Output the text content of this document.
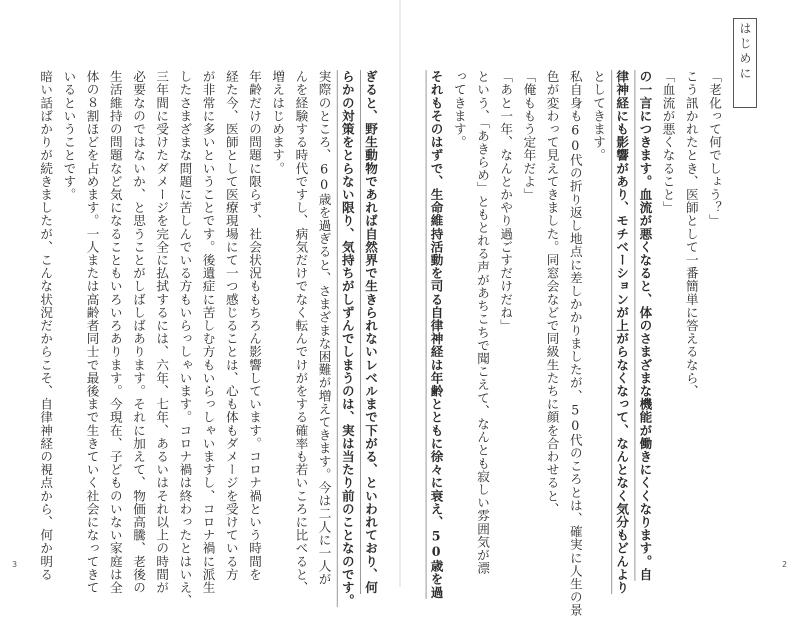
はじめに
3	2
「老化って何でしょう？」
こう訊かれたとき、医師として一番簡単に答えるなら、
「血流が悪くなること」
の一言につきます。血流が悪くなると、体のさまざまな機能が働きにくくなります。自
律神経にも影響があり、モチベーションが上がらなくなって、なんとなく気分もどんより
としてきます。
私自身も60代の折り返し地点に差しかかりましたが、50代のころとは、確実に人生の景
色が変わって見えてきました。同窓会などで同級生たちに顔を合わせると、
「俺ももう定年だよ」
「あと一年、なんとかやり過ごすだけだね」
という、「あきらめ」ともとれる声があちこちで聞こえて、なんとも寂しい雰囲気が漂
ってきます。
それもそのはずで、生命維持活動を司る自律神経は年齢とともに徐々に衰え、50歳を過
ぎると、野生動物であれば自然界で生きられないレベルまで下がる、といわれており、何
らかの対策をとらない限り、気持ちがしずんでしまうのは、実は当たり前のことなのです。
実際のところ、60歳を過ぎると、さまざまな困難が増えてきます。今は二人に一人が
んを経験する時代ですし、病気だけでなく転んでけがをする確率も若いころに比べると、
増えはじめます。
年齢だけの問題に限らず、社会状況ももちろん影響しています。コロナ禍という時間を
経た今、医師として医療現場にて一つ感じることは、心も体もダメージを受けている方
が非常に多いということです。後遺症に苦しむ方もいらっしゃいますし、コロナ禍に派生
したさまざまな問題に苦しんでいる方もいらっしゃいます。コロナ禍は終わったとはいえ、
三年間に受けたダメージを完全に払拭するには、六年、七年、あるいはそれ以上の時間が
必要なのではないか、と思うことがしばしばあります。それに加えて、物価高騰、老後の
生活維持の問題など気になることもいろいろあります。今現在、子どものいない家庭は全
体の８割ほどを占めます。一人または高齢者同士で最後まで生きていく社会になってきて
いるということです。
暗い話ばかりが続きましたが、こんな状況だからこそ、自律神経の視点から、何か明る
